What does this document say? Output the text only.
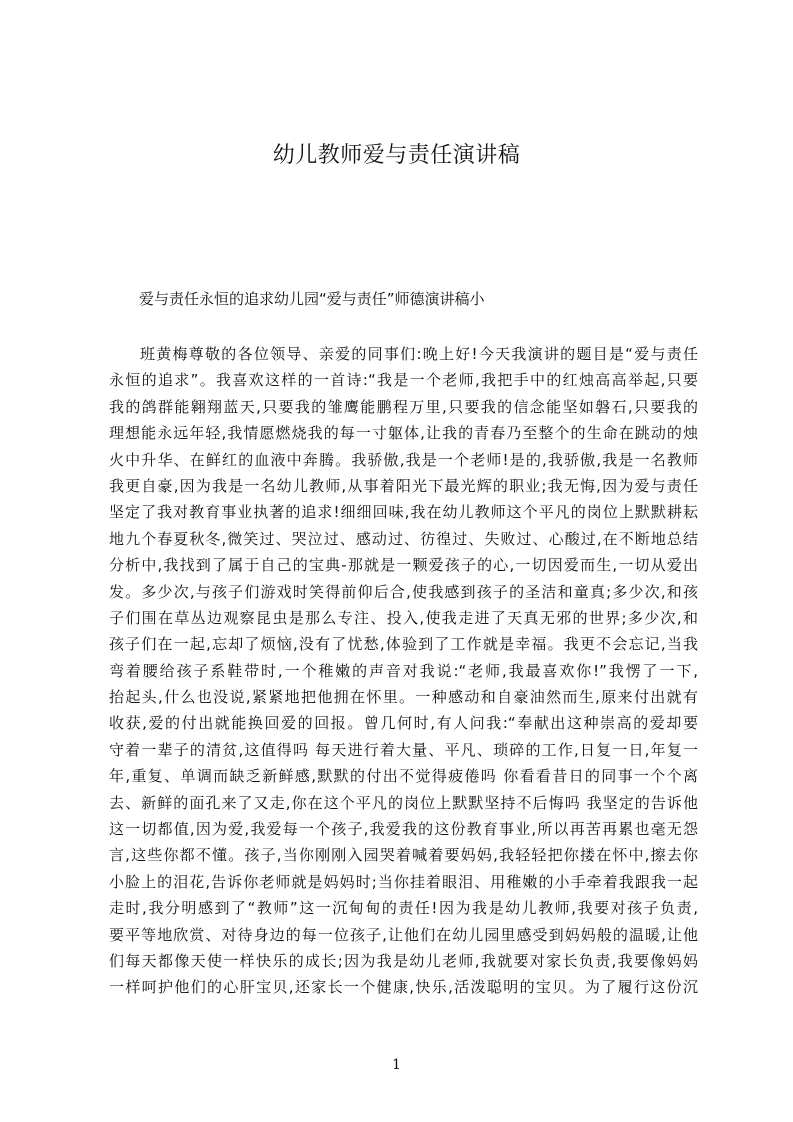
幼儿教师爱与责任演讲稿

爱与责任永恒的追求幼儿园“爱与责任”师德演讲稿小

班黄梅尊敬的各位领导、亲爱的同事们:晚上好!今天我演讲的题目是“爱与责任
永恒的追求”。我喜欢这样的一首诗:“我是一个老师,我把手中的红烛高高举起,只要
我的鸽群能翱翔蓝天,只要我的雏鹰能鹏程万里,只要我的信念能坚如磐石,只要我的
理想能永远年轻,我情愿燃烧我的每一寸躯体,让我的青春乃至整个的生命在跳动的烛
火中升华、在鲜红的血液中奔腾。我骄傲,我是一个老师!是的,我骄傲,我是一名教师
我更自豪,因为我是一名幼儿教师,从事着阳光下最光辉的职业;我无悔,因为爱与责任
坚定了我对教育事业执著的追求!细细回味,我在幼儿教师这个平凡的岗位上默默耕耘
地九个春夏秋冬,微笑过、哭泣过、感动过、彷徨过、失败过、心酸过,在不断地总结
分析中,我找到了属于自己的宝典-那就是一颗爱孩子的心,一切因爱而生,一切从爱出
发。多少次,与孩子们游戏时笑得前仰后合,使我感到孩子的圣洁和童真;多少次,和孩
子们围在草丛边观察昆虫是那么专注、投入,使我走进了天真无邪的世界;多少次,和
孩子们在一起,忘却了烦恼,没有了忧愁,体验到了工作就是幸福。我更不会忘记,当我
弯着腰给孩子系鞋带时,一个稚嫩的声音对我说:“老师,我最喜欢你!”我愣了一下,
抬起头,什么也没说,紧紧地把他拥在怀里。一种感动和自豪油然而生,原来付出就有
收获,爱的付出就能换回爱的回报。曾几何时,有人问我:“奉献出这种崇高的爱却要
守着一辈子的清贫,这值得吗 每天进行着大量、平凡、琐碎的工作,日复一日,年复一
年,重复、单调而缺乏新鲜感,默默的付出不觉得疲倦吗 你看看昔日的同事一个个离
去、新鲜的面孔来了又走,你在这个平凡的岗位上默默坚持不后悔吗 我坚定的告诉他
这一切都值,因为爱,我爱每一个孩子,我爱我的这份教育事业,所以再苦再累也毫无怨
言,这些你都不懂。孩子,当你刚刚入园哭着喊着要妈妈,我轻轻把你搂在怀中,擦去你
小脸上的泪花,告诉你老师就是妈妈时;当你挂着眼泪、用稚嫩的小手牵着我跟我一起
走时,我分明感到了“教师”这一沉甸甸的责任!因为我是幼儿教师,我要对孩子负责,
要平等地欣赏、对待身边的每一位孩子,让他们在幼儿园里感受到妈妈般的温暖,让他
们每天都像天使一样快乐的成长;因为我是幼儿老师,我就要对家长负责,我要像妈妈
一样呵护他们的心肝宝贝,还家长一个健康,快乐,活泼聪明的宝贝。为了履行这份沉

1
